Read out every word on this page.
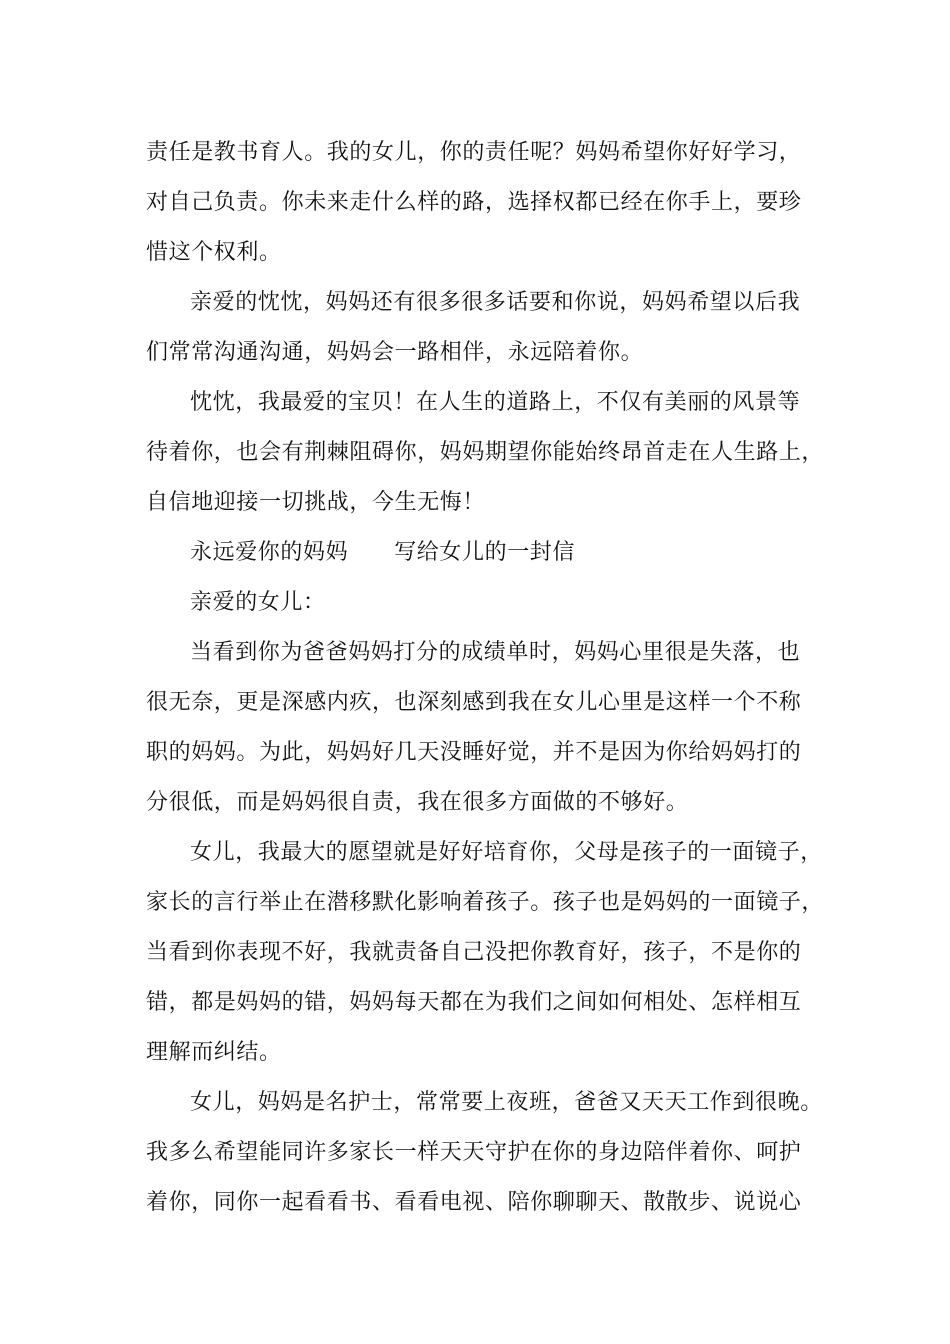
责任是教书育人。我的女儿，你的责任呢？妈妈希望你好好学习，
对自己负责。你未来走什么样的路，选择权都已经在你手上，要珍
惜这个权利。
亲爱的忱忱，妈妈还有很多很多话要和你说，妈妈希望以后我
们常常沟通沟通，妈妈会一路相伴，永远陪着你。
忱忱，我最爱的宝贝！在人生的道路上，不仅有美丽的风景等
待着你，也会有荆棘阻碍你，妈妈期望你能始终昂首走在人生路上，
自信地迎接一切挑战，今生无悔！
永远爱你的妈妈 写给女儿的一封信
亲爱的女儿：
当看到你为爸爸妈妈打分的成绩单时，妈妈心里很是失落，也
很无奈，更是深感内疚，也深刻感到我在女儿心里是这样一个不称
职的妈妈。为此，妈妈好几天没睡好觉，并不是因为你给妈妈打的
分很低，而是妈妈很自责，我在很多方面做的不够好。
女儿，我最大的愿望就是好好培育你，父母是孩子的一面镜子，
家长的言行举止在潜移默化影响着孩子。孩子也是妈妈的一面镜子，
当看到你表现不好，我就责备自己没把你教育好，孩子，不是你的
错，都是妈妈的错，妈妈每天都在为我们之间如何相处、怎样相互
理解而纠结。
女儿，妈妈是名护士，常常要上夜班，爸爸又天天工作到很晚。
我多么希望能同许多家长一样天天守护在你的身边陪伴着你、呵护
着你，同你一起看看书、看看电视、陪你聊聊天、散散步、说说心
